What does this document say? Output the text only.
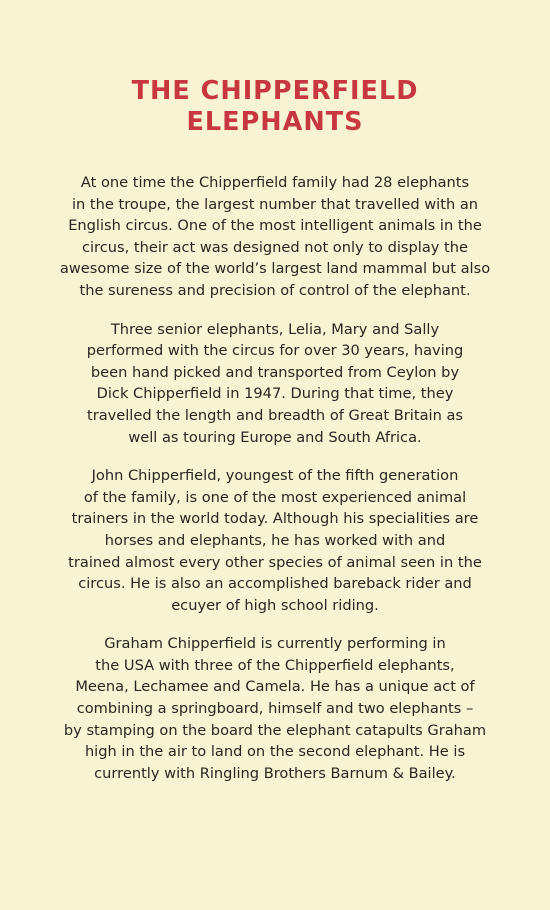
THE CHIPPERFIELD
ELEPHANTS

At one time the Chipperfield family had 28 elephants
in the troupe, the largest number that travelled with an
English circus. One of the most intelligent animals in the
circus, their act was designed not only to display the
awesome size of the world’s largest land mammal but also
the sureness and precision of control of the elephant.

Three senior elephants, Lelia, Mary and Sally
performed with the circus for over 30 years, having
been hand picked and transported from Ceylon by
Dick Chipperfield in 1947. During that time, they
travelled the length and breadth of Great Britain as
well as touring Europe and South Africa.

John Chipperfield, youngest of the fifth generation
of the family, is one of the most experienced animal
trainers in the world today. Although his specialities are
horses and elephants, he has worked with and
trained almost every other species of animal seen in the
circus. He is also an accomplished bareback rider and
ecuyer of high school riding.

Graham Chipperfield is currently performing in
the USA with three of the Chipperfield elephants,
Meena, Lechamee and Camela. He has a unique act of
combining a springboard, himself and two elephants –
by stamping on the board the elephant catapults Graham
high in the air to land on the second elephant. He is
currently with Ringling Brothers Barnum & Bailey.
